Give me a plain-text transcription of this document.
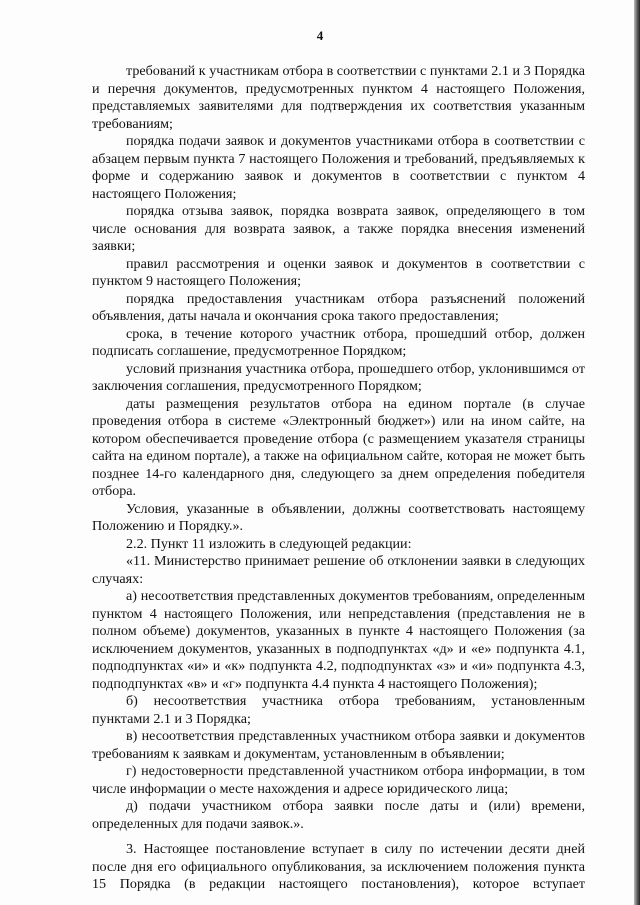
4

требований к участникам отбора в соответствии с пунктами 2.1 и 3 Порядка и перечня документов, предусмотренных пунктом 4 настоящего Положения, представляемых заявителями для подтверждения их соответствия указанным требованиям;

порядка подачи заявок и документов участниками отбора в соответствии с абзацем первым пункта 7 настоящего Положения и требований, предъявляемых к форме и содержанию заявок и документов в соответствии с пунктом 4 настоящего Положения;

порядка отзыва заявок, порядка возврата заявок, определяющего в том числе основания для возврата заявок, а также порядка внесения изменений заявки;

правил рассмотрения и оценки заявок и документов в соответствии с пунктом 9 настоящего Положения;

порядка предоставления участникам отбора разъяснений положений объявления, даты начала и окончания срока такого предоставления;

срока, в течение которого участник отбора, прошедший отбор, должен подписать соглашение, предусмотренное Порядком;

условий признания участника отбора, прошедшего отбор, уклонившимся от заключения соглашения, предусмотренного Порядком;

даты размещения результатов отбора на едином портале (в случае проведения отбора в системе «Электронный бюджет») или на ином сайте, на котором обеспечивается проведение отбора (с размещением указателя страницы сайта на едином портале), а также на официальном сайте, которая не может быть позднее 14-го календарного дня, следующего за днем определения победителя отбора.

Условия, указанные в объявлении, должны соответствовать настоящему Положению и Порядку.».

2.2. Пункт 11 изложить в следующей редакции:

«11. Министерство принимает решение об отклонении заявки в следующих случаях:

а) несоответствия представленных документов требованиям, определенным пунктом 4 настоящего Положения, или непредставления (представления не в полном объеме) документов, указанных в пункте 4 настоящего Положения (за исключением документов, указанных в подподпунктах «д» и «е» подпункта 4.1, подподпунктах «и» и «к» подпункта 4.2, подподпунктах «з» и «и» подпункта 4.3, подподпунктах «в» и «г» подпункта 4.4 пункта 4 настоящего Положения);

б) несоответствия участника отбора требованиям, установленным пунктами 2.1 и 3 Порядка;

в) несоответствия представленных участником отбора заявки и документов требованиям к заявкам и документам, установленным в объявлении;

г) недостоверности представленной участником отбора информации, в том числе информации о месте нахождения и адресе юридического лица;

д) подачи участником отбора заявки после даты и (или) времени, определенных для подачи заявок.».

3. Настоящее постановление вступает в силу по истечении десяти дней после дня его официального опубликования, за исключением положения пункта 15 Порядка (в редакции настоящего постановления), которое вступает
